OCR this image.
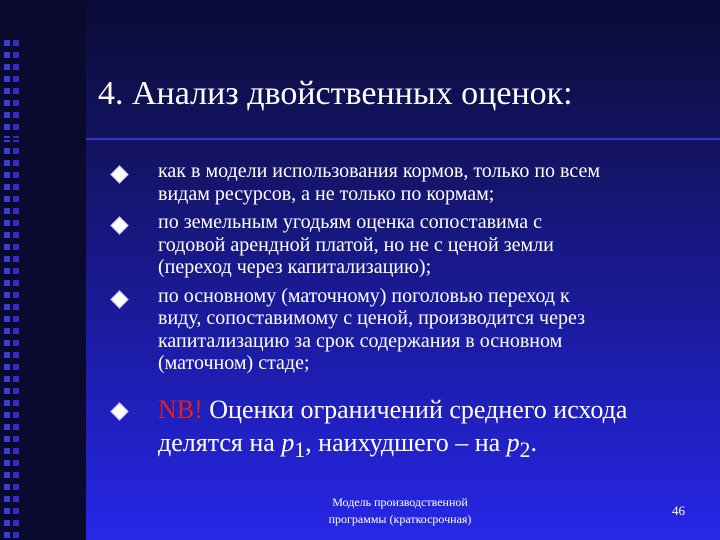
4. Анализ двойственных оценок:
как в модели использования кормов, только по всем
видам ресурсов, а не только по кормам;
по земельным угодьям оценка сопоставима с
годовой арендной платой, но не с ценой земли
(переход через капитализацию);
по основному (маточному) поголовью переход к
виду, сопоставимому с ценой, производится через
капитализацию за срок содержания в основном
(маточном) стаде;
NB! Оценки ограничений среднего исхода
делятся на $p_1$, наихудшего – на $p_2$.
Модель производственной
программы (краткосрочная)
46
